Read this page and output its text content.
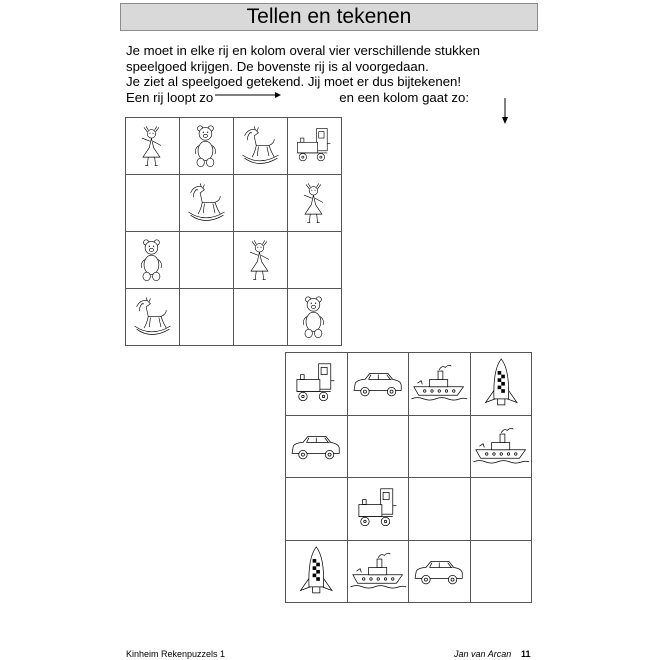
Tellen en tekenen
Je moet in elke rij en kolom overal vier verschillende stukken
speelgoed krijgen. De bovenste rij is al voorgedaan.
Je ziet al speelgoed getekend. Jij moet er dus bijtekenen!
Een rij loopt zo	en een kolom gaat zo:
Kinheim Rekenpuzzels 1	Jan van Arcan 11
